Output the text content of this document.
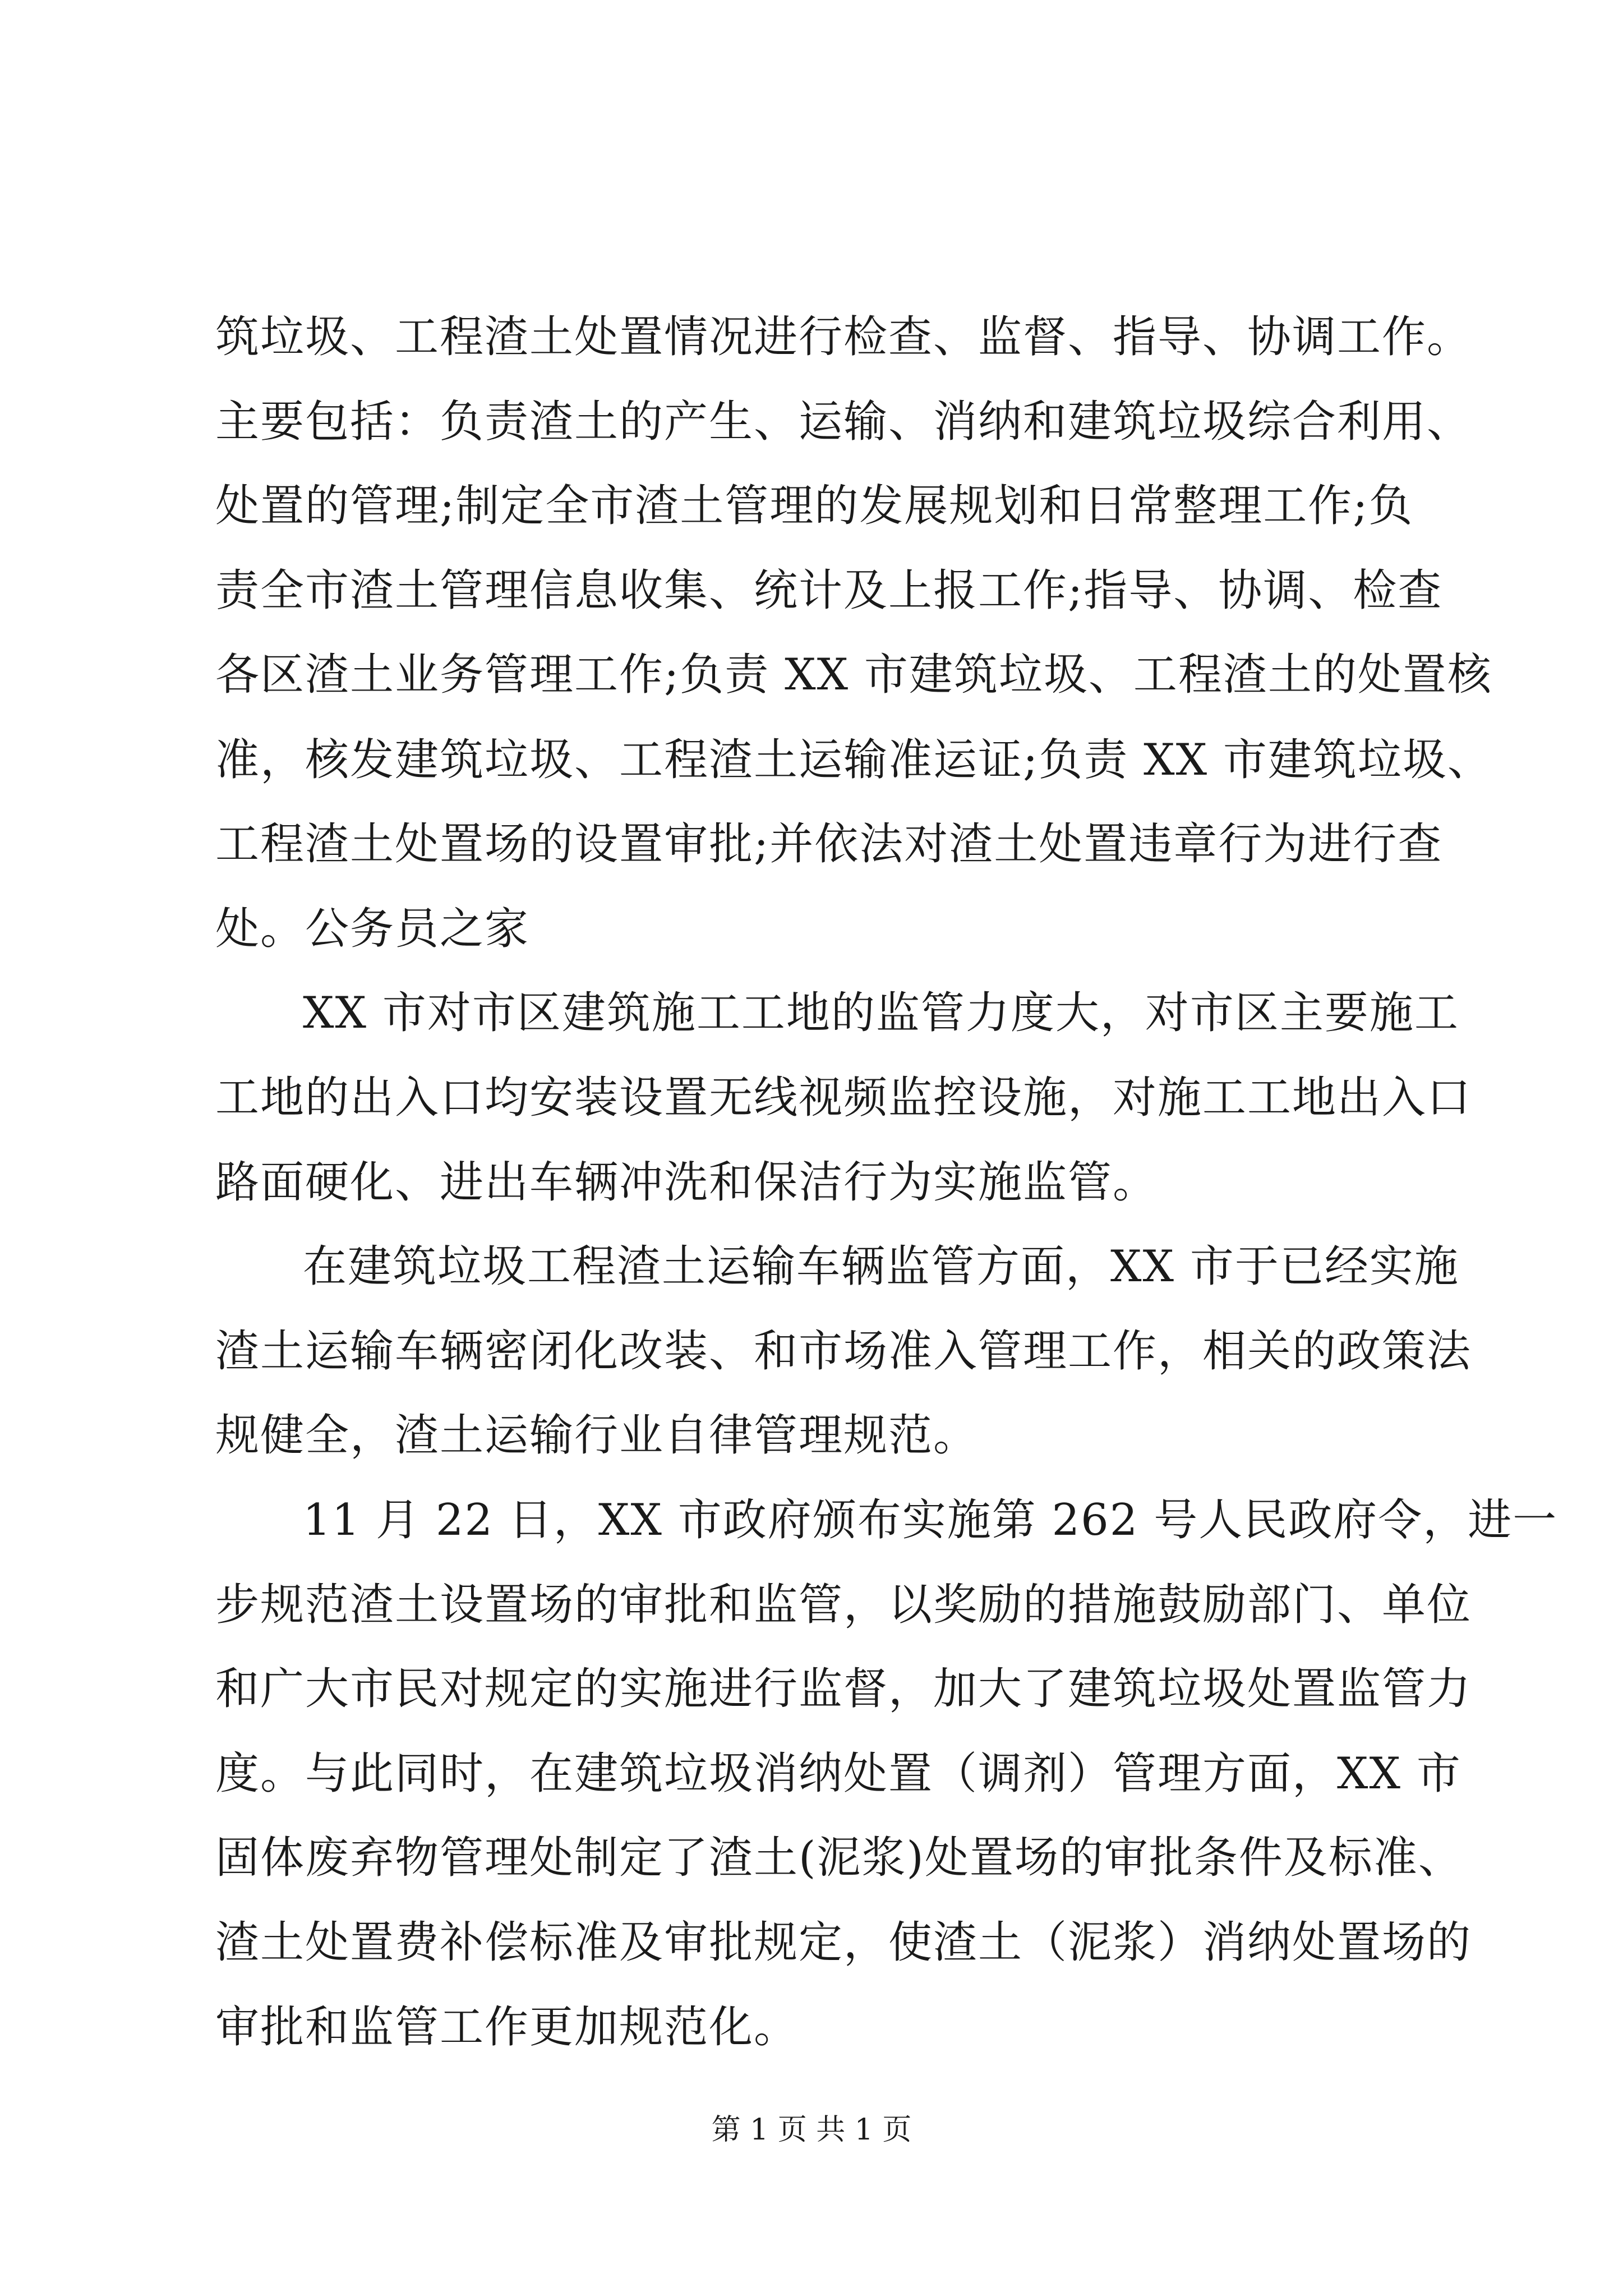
筑垃圾、工程渣土处置情况进行检查、监督、指导、协调工作。
主要包括：负责渣土的产生、运输、消纳和建筑垃圾综合利用、
处置的管理;制定全市渣土管理的发展规划和日常整理工作;负
责全市渣土管理信息收集、统计及上报工作;指导、协调、检查
各区渣土业务管理工作;负责 XX 市建筑垃圾、工程渣土的处置核
准，核发建筑垃圾、工程渣土运输准运证;负责 XX 市建筑垃圾、
工程渣土处置场的设置审批;并依法对渣土处置违章行为进行查
处。公务员之家
XX 市对市区建筑施工工地的监管力度大，对市区主要施工
工地的出入口均安装设置无线视频监控设施，对施工工地出入口
路面硬化、进出车辆冲洗和保洁行为实施监管。
在建筑垃圾工程渣土运输车辆监管方面，XX 市于已经实施
渣土运输车辆密闭化改装、和市场准入管理工作，相关的政策法
规健全，渣土运输行业自律管理规范。
11 月 22 日，XX 市政府颁布实施第 262 号人民政府令，进一
步规范渣土设置场的审批和监管，以奖励的措施鼓励部门、单位
和广大市民对规定的实施进行监督，加大了建筑垃圾处置监管力
度。与此同时，在建筑垃圾消纳处置（调剂）管理方面，XX 市
固体废弃物管理处制定了渣土(泥浆)处置场的审批条件及标准、
渣土处置费补偿标准及审批规定，使渣土（泥浆）消纳处置场的
审批和监管工作更加规范化。
第 1 页 共 1 页
